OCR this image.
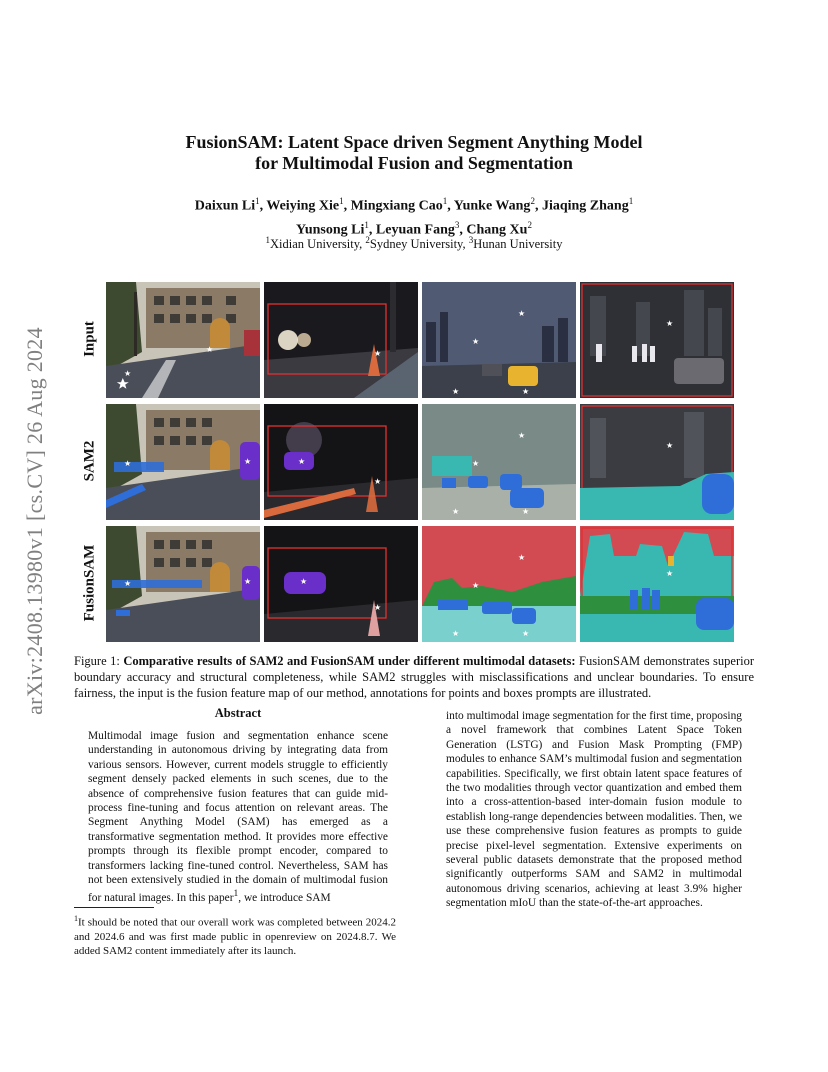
arXiv:2408.13980v1 [cs.CV] 26 Aug 2024
FusionSAM: Latent Space driven Segment Anything Model
for Multimodal Fusion and Segmentation
Daixun Li$^1$, Weiying Xie$^1$, Mingxiang Cao$^1$, Yunke Wang$^2$, Jiaqing Zhang$^1$
Yunsong Li$^1$, Leyuan Fang$^3$, Chang Xu$^2$
$^1$Xidian University, $^2$Sydney University, $^3$Hunan University
Input
SAM2
FusionSAM
★
★	★
★
★
★	★
★
★	★	★
★
★
★
★	★
★
★	★	★
★
★
★
★	★
★
Figure 1: Comparative results of SAM2 and FusionSAM under different multimodal datasets: FusionSAM demonstrates superior boundary accuracy and structural completeness, while SAM2 struggles with misclassifications and unclear boundaries. To ensure fairness, the input is the fusion feature map of our method, annotations for points and boxes prompts are illustrated.
Abstract

Multimodal image fusion and segmentation enhance scene understanding in autonomous driving by integrating data from various sensors. However, current models struggle to efficiently segment densely packed elements in such scenes, due to the absence of comprehensive fusion features that can guide mid-process fine-tuning and focus attention on relevant areas. The Segment Anything Model (SAM) has emerged as a transformative segmentation method. It provides more effective prompts through its flexible prompt encoder, compared to transformers lacking fine-tuned control. Nevertheless, SAM has not been extensively studied in the domain of multimodal fusion for natural images. In this paper$^1$, we introduce SAM

into multimodal image segmentation for the first time, proposing a novel framework that combines Latent Space Token Generation (LSTG) and Fusion Mask Prompting (FMP) modules to enhance SAM’s multimodal fusion and segmentation capabilities. Specifically, we first obtain latent space features of the two modalities through vector quantization and embed them into a cross-attention-based inter-domain fusion module to establish long-range dependencies between modalities. Then, we use these comprehensive fusion features as prompts to guide precise pixel-level segmentation. Extensive experiments on several public datasets demonstrate that the proposed method significantly outperforms SAM and SAM2 in multimodal autonomous driving scenarios, achieving at least 3.9% higher segmentation mIoU than the state-of-the-art approaches.

$^1$It should be noted that our overall work was completed between 2024.2 and 2024.6 and was first made public in openreview on 2024.8.7. We added SAM2 content immediately after its launch.
